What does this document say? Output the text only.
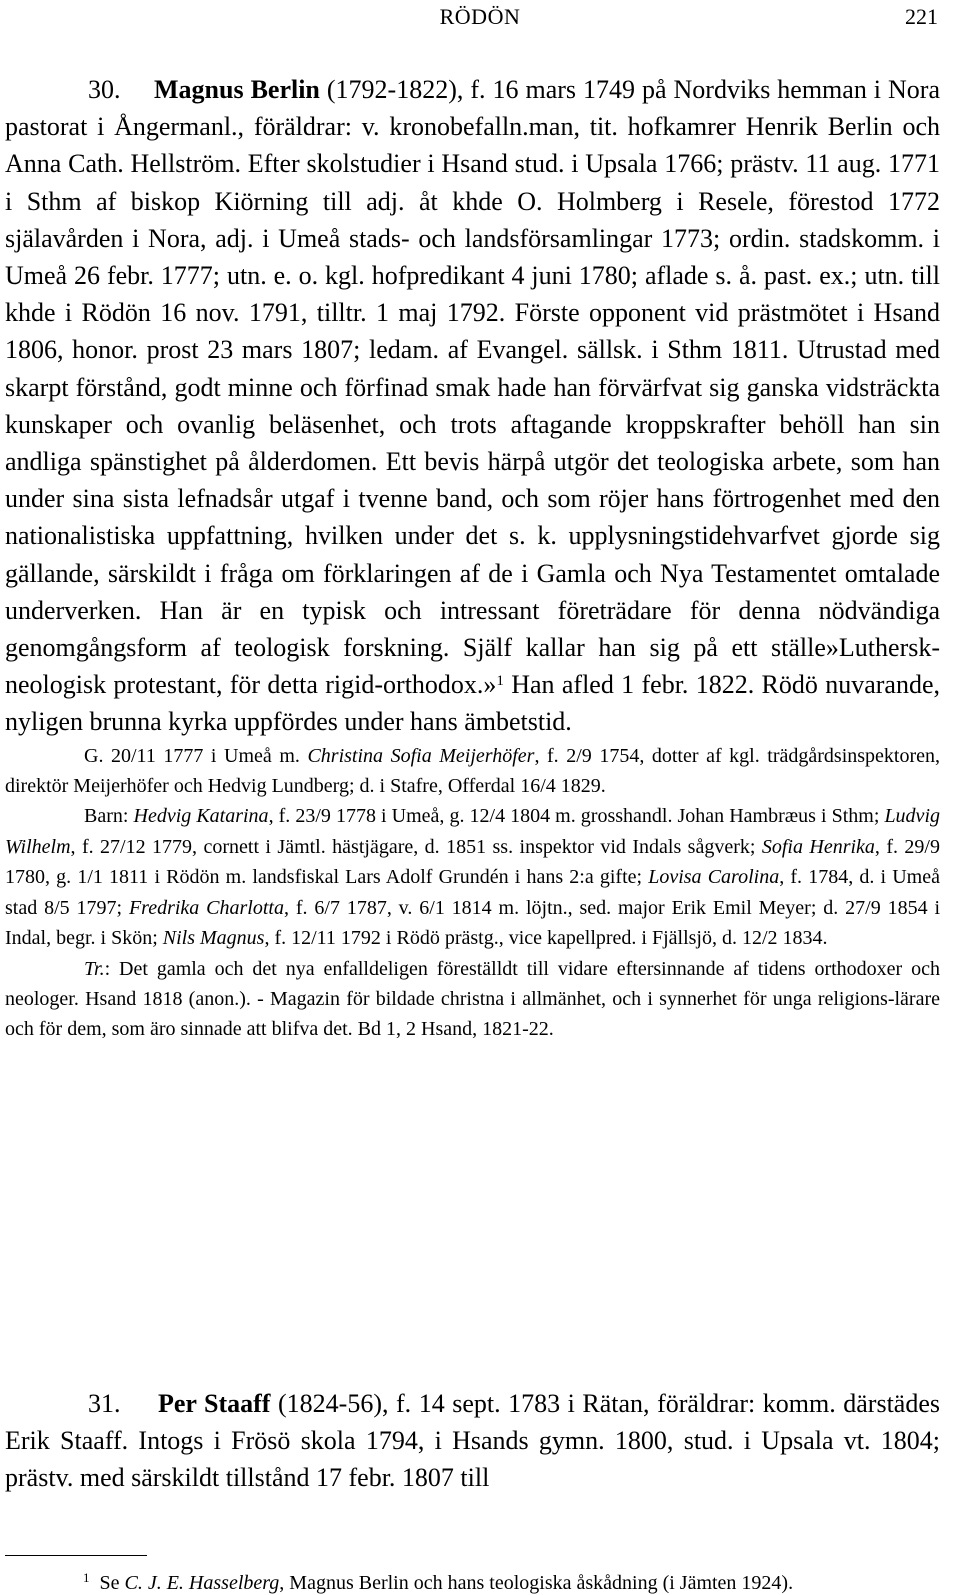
RÖDÖN	221

30. Magnus Berlin (1792-1822), f. 16 mars 1749 på Nordviks hemman i Nora pastorat i Ångermanl., föräldrar: v. kronobefalln.man, tit. hofkamrer Henrik Berlin och Anna Cath. Hellström. Efter skolstudier i Hsand stud. i Upsala 1766; prästv. 11 aug. 1771 i Sthm af biskop Kiörning till adj. åt khde O. Holmberg i Resele, förestod 1772 själavården i Nora, adj. i Umeå stads- och landsförsamlingar 1773; ordin. stadskomm. i Umeå 26 febr. 1777; utn. e. o. kgl. hofpredikant 4 juni 1780; aflade s. å. past. ex.; utn. till khde i Rödön 16 nov. 1791, tilltr. 1 maj 1792. Förste opponent vid prästmötet i Hsand 1806, honor. prost 23 mars 1807; ledam. af Evangel. sällsk. i Sthm 1811. Utrustad med skarpt förstånd, godt minne och förfinad smak hade han förvärfvat sig ganska vidsträckta kunskaper och ovanlig beläsenhet, och trots aftagande kroppskrafter behöll han sin andliga spänstighet på ålderdomen. Ett bevis härpå utgör det teologiska arbete, som han under sina sista lefnadsår utgaf i tvenne band, och som röjer hans förtrogenhet med den nationalistiska uppfattning, hvilken under det s. k. upplysningstidehvarfvet gjorde sig gällande, särskildt i fråga om förklaringen af de i Gamla och Nya Testamentet omtalade underverken. Han är en typisk och intressant företrädare för denna nödvändiga genomgångsform af teologisk forskning. Själf kallar han sig på ett ställe»Luthersk-neologisk protestant, för detta rigid-orthodox.»$^1$ Han afled 1 febr. 1822. Rödö nuvarande, nyligen brunna kyrka uppfördes under hans ämbetstid.

G. 20/11 1777 i Umeå m. Christina Sofia Meijerhöfer, f. 2/9 1754, dotter af kgl. trädgårdsinspektoren, direktör Meijerhöfer och Hedvig Lundberg; d. i Stafre, Offerdal 16/4 1829.

Barn: Hedvig Katarina, f. 23/9 1778 i Umeå, g. 12/4 1804 m. grosshandl. Johan Hambræus i Sthm; Ludvig Wilhelm, f. 27/12 1779, cornett i Jämtl. hästjägare, d. 1851 ss. inspektor vid Indals sågverk; Sofia Henrika, f. 29/9 1780, g. 1/1 1811 i Rödön m. landsfiskal Lars Adolf Grundén i hans 2:a gifte; Lovisa Carolina, f. 1784, d. i Umeå stad 8/5 1797; Fredrika Charlotta, f. 6/7 1787, v. 6/1 1814 m. löjtn., sed. major Erik Emil Meyer; d. 27/9 1854 i Indal, begr. i Skön; Nils Magnus, f. 12/11 1792 i Rödö prästg., vice kapellpred. i Fjällsjö, d. 12/2 1834.

Tr.: Det gamla och det nya enfalldeligen föreställdt till vidare eftersinnande af tidens orthodoxer och neologer. Hsand 1818 (anon.). - Magazin för bildade christna i allmänhet, och i synnerhet för unga religions-lärare och för dem, som äro sinnade att blifva det. Bd 1, 2 Hsand, 1821-22.

31. Per Staaff (1824-56), f. 14 sept. 1783 i Rätan, föräldrar: komm. därstädes Erik Staaff. Intogs i Frösö skola 1794, i Hsands gymn. 1800, stud. i Upsala vt. 1804; prästv. med särskildt tillstånd 17 febr. 1807 till

$^1$ Se C. J. E. Hasselberg, Magnus Berlin och hans teologiska åskådning (i Jämten 1924).
